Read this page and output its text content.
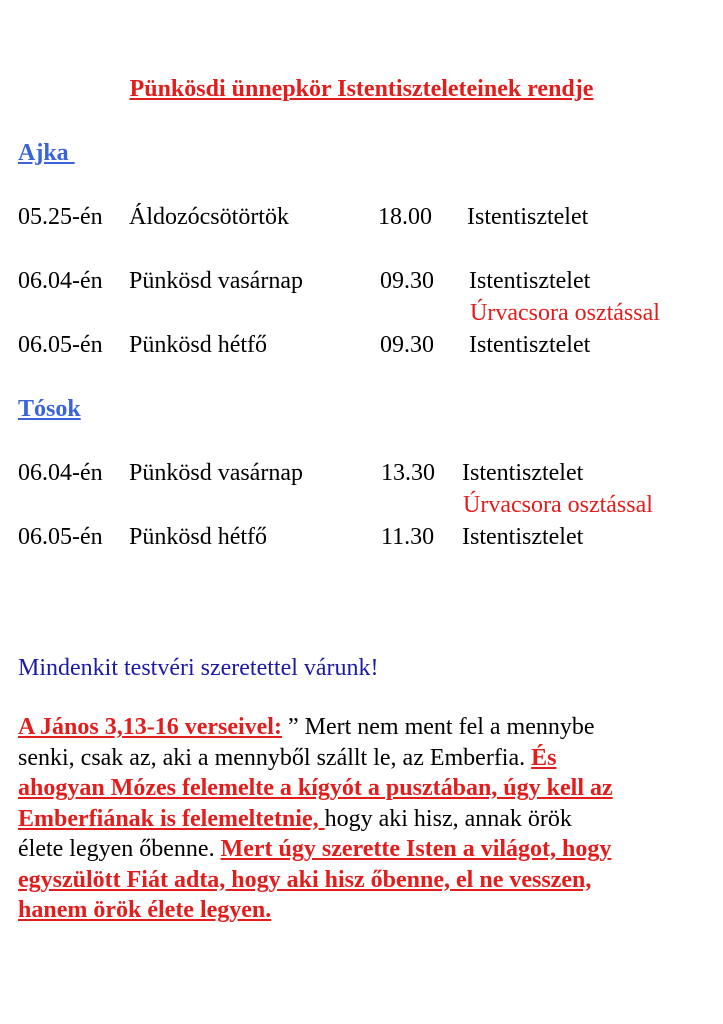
Pünkösdi ünnepkör Istentiszteleteinek rendje
Ajka
05.25-én Áldozócsötörtök	18.00 Istentisztelet
06.04-én Pünkösd vasárnap	09.30 Istentisztelet
Úrvacsora osztással
06.05-én Pünkösd hétfő	09.30 Istentisztelet
Tósok
06.04-én Pünkösd vasárnap	13.30 Istentisztelet
Úrvacsora osztással
06.05-én Pünkösd hétfő	11.30 Istentisztelet
Mindenkit testvéri szeretettel várunk!
A János 3,13-16 verseivel: ” Mert nem ment fel a mennybe
senki, csak az, aki a mennyből szállt le, az Emberfia. És
ahogyan Mózes felemelte a kígyót a pusztában, úgy kell az
Emberfiának is felemeltetnie, hogy aki hisz, annak örök
élete legyen őbenne. Mert úgy szerette Isten a világot, hogy
egyszülött Fiát adta, hogy aki hisz őbenne, el ne vesszen,
hanem örök élete legyen.
